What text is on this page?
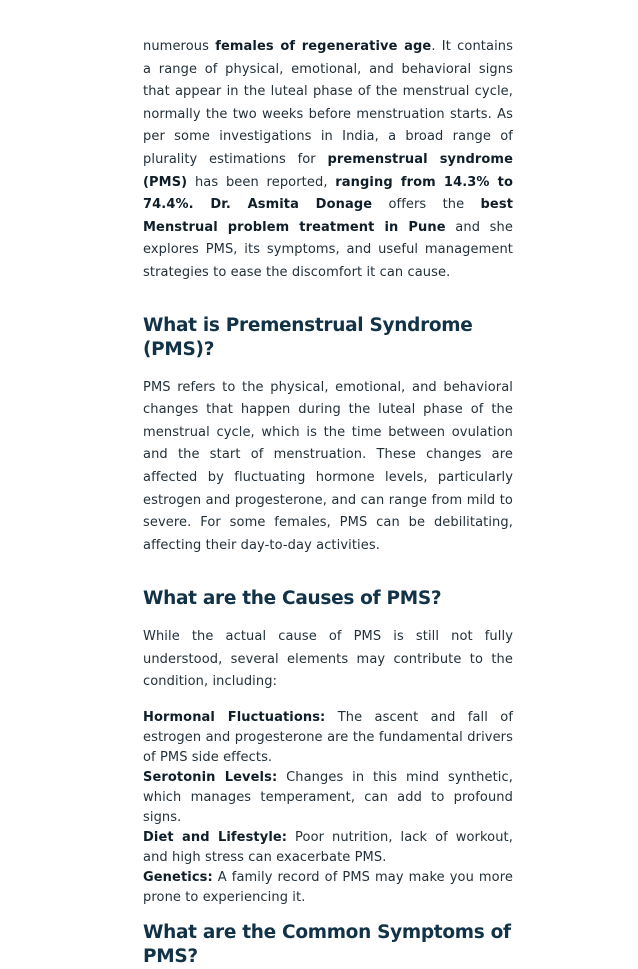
numerous females of regenerative age. It contains a range of physical, emotional, and behavioral signs that appear in the luteal phase of the menstrual cycle, normally the two weeks before menstruation starts. As per some investigations in India, a broad range of plurality estimations for premenstrual syndrome (PMS) has been reported, ranging from 14.3% to 74.4%. Dr. Asmita Donage offers the best Menstrual problem treatment in Pune and she explores PMS, its symptoms, and useful management strategies to ease the discomfort it can cause.

What is Premenstrual Syndrome (PMS)?

PMS refers to the physical, emotional, and behavioral changes that happen during the luteal phase of the menstrual cycle, which is the time between ovulation and the start of menstruation. These changes are affected by fluctuating hormone levels, particularly estrogen and progesterone, and can range from mild to severe. For some females, PMS can be debilitating, affecting their day-to-day activities.

What are the Causes of PMS?

While the actual cause of PMS is still not fully understood, several elements may contribute to the condition, including:

Hormonal Fluctuations: The ascent and fall of estrogen and progesterone are the fundamental drivers of PMS side effects.

Serotonin Levels: Changes in this mind synthetic, which manages temperament, can add to profound signs.

Diet and Lifestyle: Poor nutrition, lack of workout, and high stress can exacerbate PMS.

Genetics: A family record of PMS may make you more prone to experiencing it.

What are the Common Symptoms of PMS?
